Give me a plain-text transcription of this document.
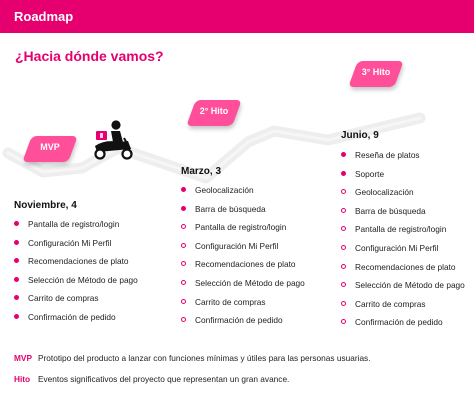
Roadmap
¿Hacia dónde vamos?
MVP
2° Hito
3° Hito
Noviembre, 4
Pantalla de registro/login
Configuración Mi Perfil
Recomendaciones de plato
Selección de Método de pago
Carrito de compras
Confirmación de pedido
Marzo, 3
Geolocalización
Barra de búsqueda
Pantalla de registro/login
Configuración Mi Perfil
Recomendaciones de plato
Selección de Método de pago
Carrito de compras
Confirmación de pedido
Junio, 9
Reseña de platos
Soporte
Geolocalización
Barra de búsqueda
Pantalla de registro/login
Configuración Mi Perfil
Recomendaciones de plato
Selección de Método de pago
Carrito de compras
Confirmación de pedido
MVP Prototipo del producto a lanzar con funciones mínimas y útiles para las personas usuarias.
Hito Eventos significativos del proyecto que representan un gran avance.
